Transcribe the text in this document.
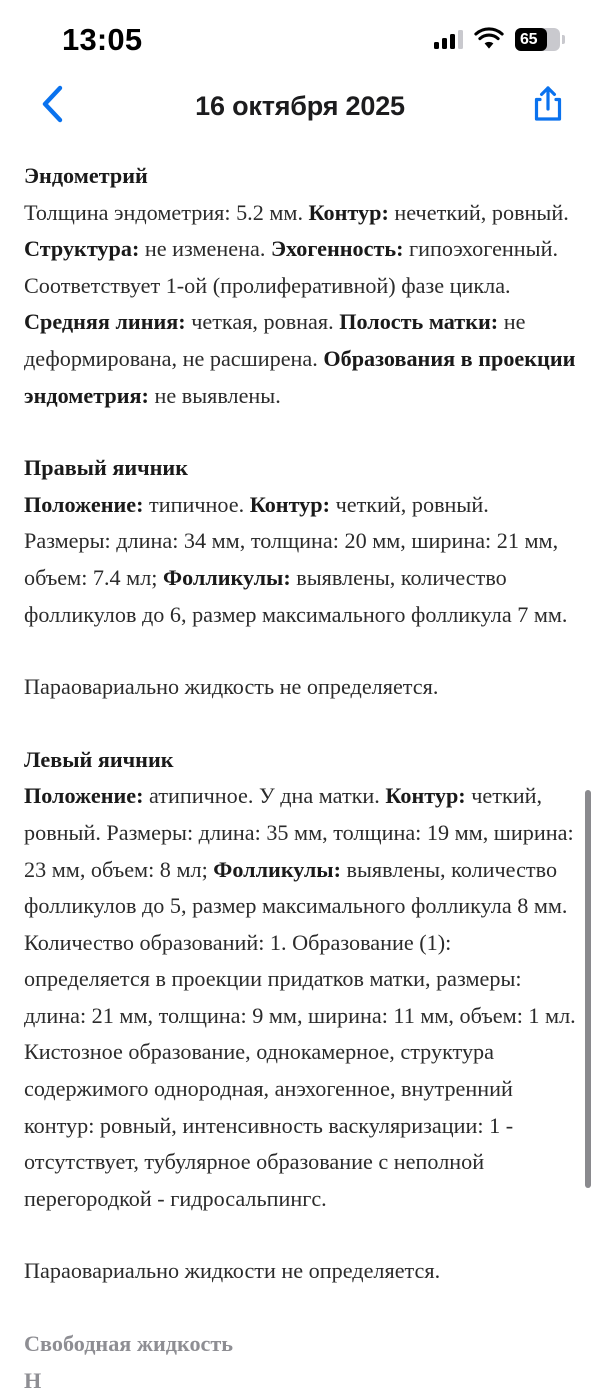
13:05	65
16 октября 2025

Эндометрий

Толщина эндометрия: 5.2 мм. Контур: нечеткий, ровный. Структура: не изменена. Эхогенность: гипоэхогенный. Соответствует 1-ой (пролиферативной) фазе цикла. Средняя линия: четкая, ровная. Полость матки: не деформирована, не расширена. Образования в проекции эндометрия: не выявлены.

Правый яичник

Положение: типичное. Контур: четкий, ровный. Размеры: длина: 34 мм, толщина: 20 мм, ширина: 21 мм, объем: 7.4 мл; Фолликулы: выявлены, количество фолликулов до 6, размер максимального фолликула 7 мм.

Параовариально жидкость не определяется.

Левый яичник

Положение: атипичное. У дна матки. Контур: четкий, ровный. Размеры: длина: 35 мм, толщина: 19 мм, ширина: 23 мм, объем: 8 мл; Фолликулы: выявлены, количество фолликулов до 5, размер максимального фолликула 8 мм. Количество образований: 1. Образование (1): определяется в проекции придатков матки, размеры: длина: 21 мм, толщина: 9 мм, ширина: 11 мм, объем: 1 мл. Кистозное образование, однокамерное, структура содержимого однородная, анэхогенное, внутренний контур: ровный, интенсивность васкуляризации: 1 - отсутствует, тубулярное образование с неполной перегородкой - гидросальпингс.

Параовариально жидкости не определяется.

Свободная жидкость

Н
